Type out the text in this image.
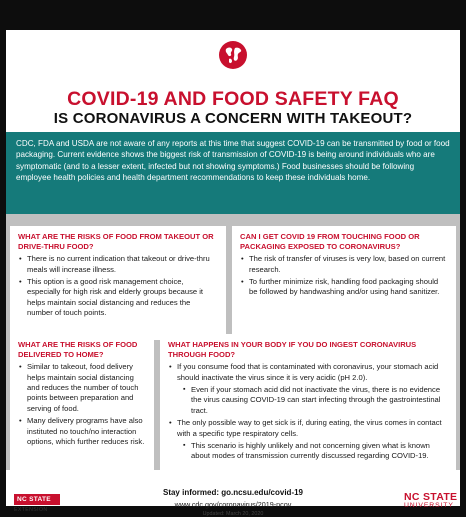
COVID-19 AND FOOD SAFETY FAQ
IS CORONAVIRUS A CONCERN WITH TAKEOUT?

CDC, FDA and USDA are not aware of any reports at this time that suggest COVID-19 can be transmitted by food or food packaging. Current evidence shows the biggest risk of transmission of COVID-19 is being around individuals who are symptomatic (and to a lesser extent, infected but not showing symptoms.) Food businesses should be following employee health policies and health department recommendations to keep these individuals home.

WHAT ARE THE RISKS OF FOOD FROM TAKEOUT OR DRIVE-THRU FOOD?
• There is no current indication that takeout or drive-thru meals will increase illness.
• This option is a good risk management choice, especially for high risk and elderly groups because it helps maintain social distancing and reduces the number of touch points.
CAN I GET COVID 19 FROM TOUCHING FOOD OR PACKAGING EXPOSED TO CORONAVIRUS?
• The risk of transfer of viruses is very low, based on current research.
• To further minimize risk, handling food packaging should be followed by handwashing and/or using hand sanitizer.
WHAT ARE THE RISKS OF FOOD DELIVERED TO HOME?
• Similar to takeout, food delivery helps maintain social distancing and reduces the number of touch points between preparation and serving of food.
• Many delivery programs have also instituted no touch/no interaction options, which further reduces risk.
WHAT HAPPENS IN YOUR BODY IF YOU DO INGEST CORONAVIRUS THROUGH FOOD?
• If you consume food that is contaminated with coronavirus, your stomach acid should inactivate the virus since it is very acidic (pH 2.0).
▪ Even if your stomach acid did not inactivate the virus, there is no evidence the virus causing COVID-19 can start infecting through the gastrointestinal tract.
• The only possible way to get sick is if, during eating, the virus comes in contact with a specific type respiratory cells.
▪ This scenario is highly unlikely and not concerning given what is known about modes of transmission currently discussed regarding COVID-19.
NC STATE
EXTENSION
Stay informed: go.ncsu.edu/covid-19
www.cdc.gov/coronavirus/2019-ncov
Updated: March 20, 2020
NC STATE
UNIVERSITY
